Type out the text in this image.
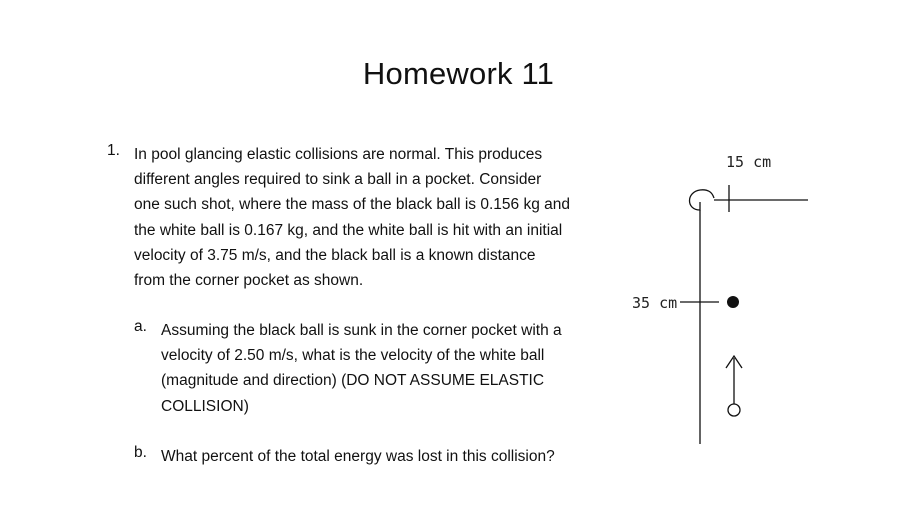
Homework 11
1. In pool glancing elastic collisions are normal. This produces
different angles required to sink a ball in a pocket. Consider
one such shot, where the mass of the black ball is 0.156 kg and
the white ball is 0.167 kg, and the white ball is hit with an initial
velocity of 3.75 m/s, and the black ball is a known distance
from the corner pocket as shown.
a. Assuming the black ball is sunk in the corner pocket with a
velocity of 2.50 m/s, what is the velocity of the white ball
(magnitude and direction) (DO NOT ASSUME ELASTIC
COLLISION)
b. What percent of the total energy was lost in this collision?
15 cm
35 cm
